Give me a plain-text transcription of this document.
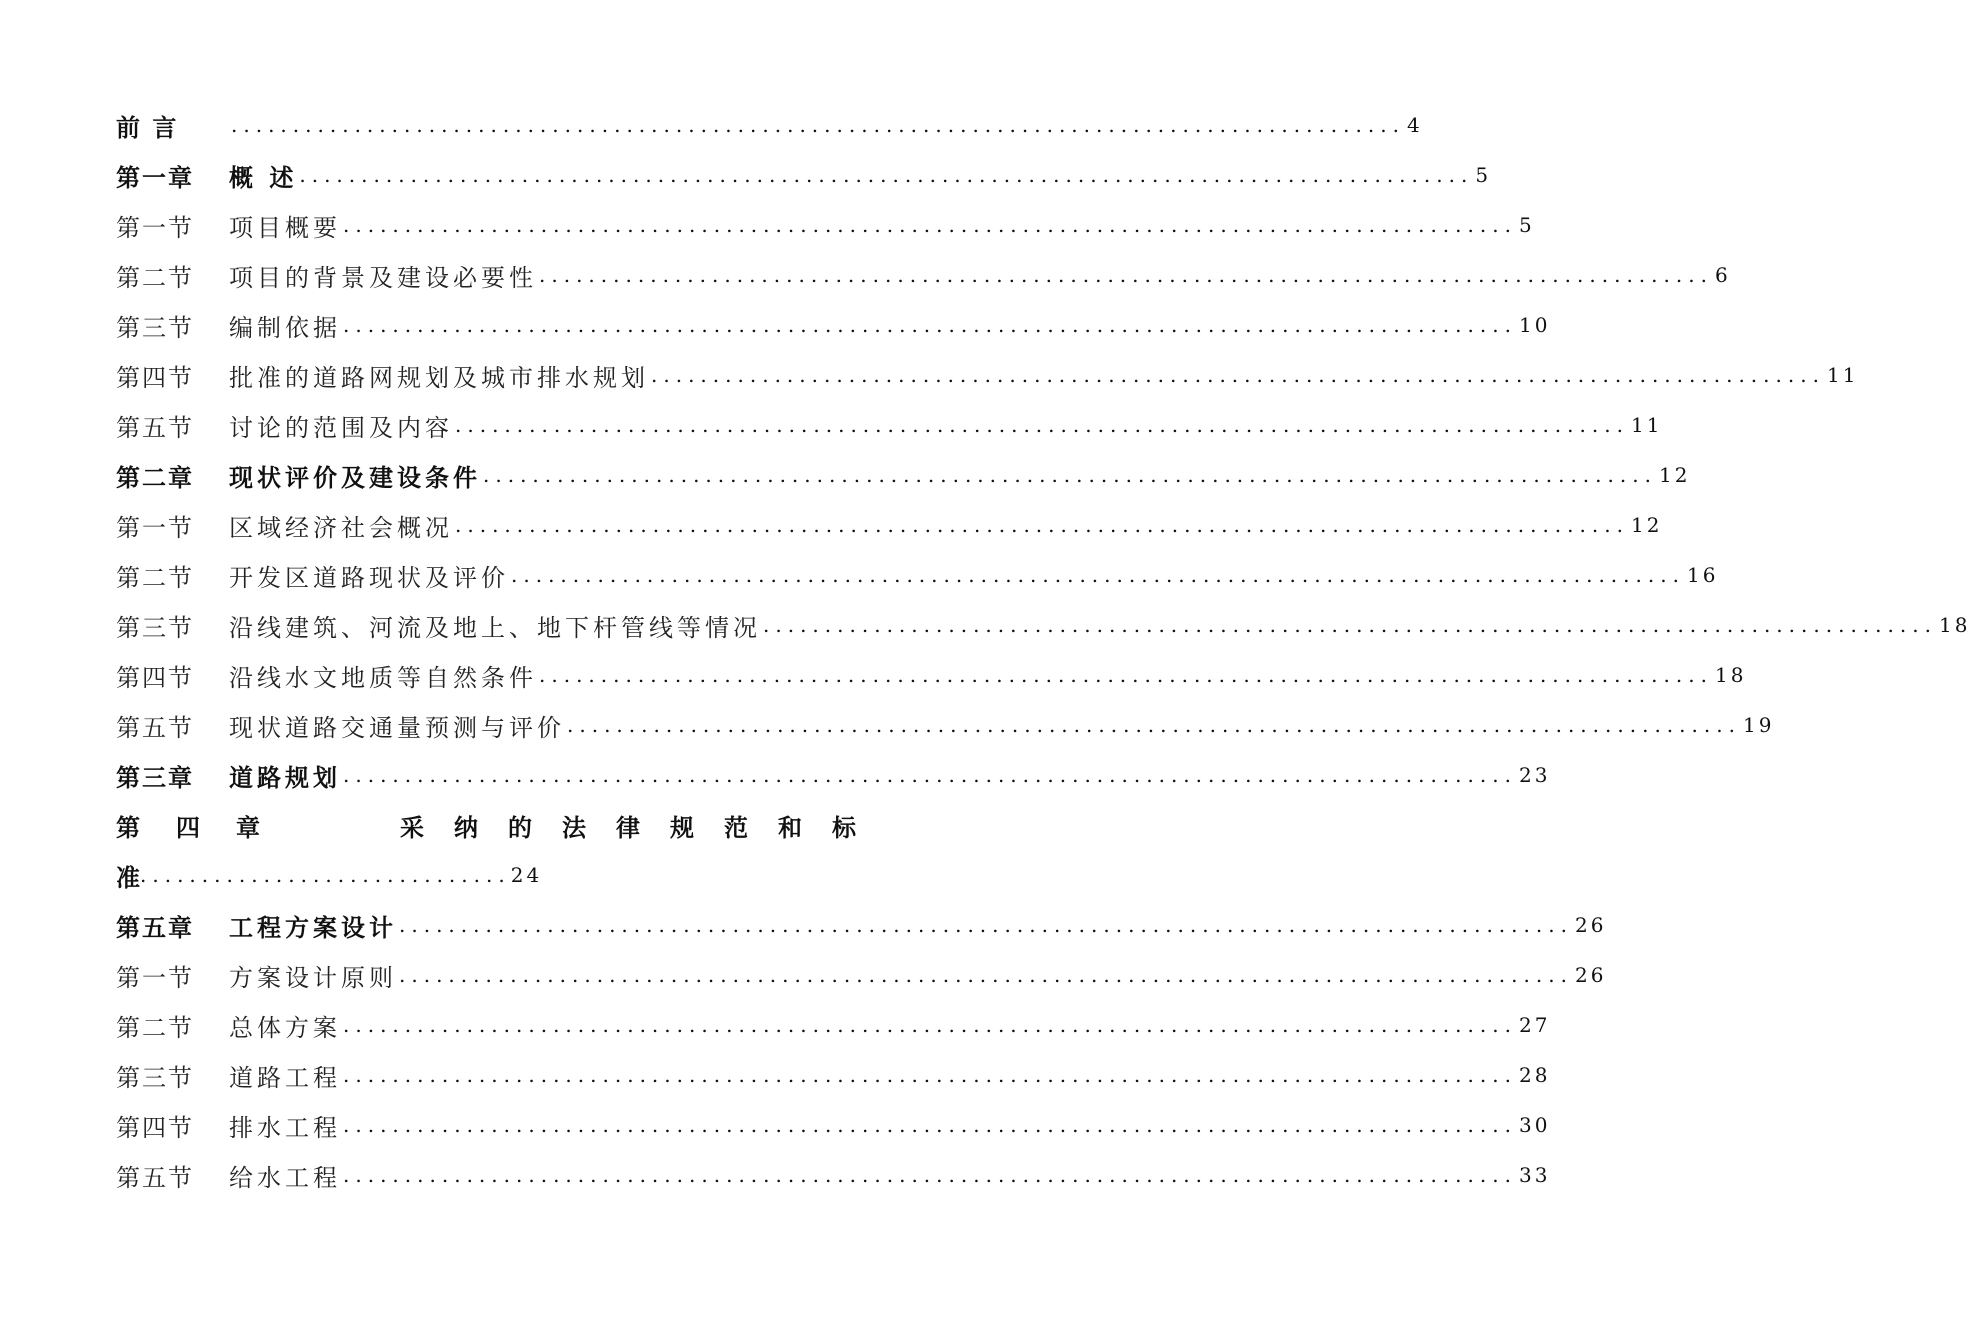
前 言	............................................................................................... 4
第一章	概 述 ............................................................................................... 5
第一节	项目概要 ............................................................................................... 5
第二节	项目的背景及建设必要性 ............................................................................................... 6
第三节	编制依据 ............................................................................................... 10
第四节	批准的道路网规划及城市排水规划 ............................................................................................... 11
第五节	讨论的范围及内容 ............................................................................................... 11
第二章	现状评价及建设条件 ............................................................................................... 12
第一节	区域经济社会概况 ............................................................................................... 12
第二节	开发区道路现状及评价 ............................................................................................... 16
第三节	沿线建筑、河流及地上、地下杆管线等情况 ............................................................................................... 18
第四节	沿线水文地质等自然条件 ............................................................................................... 18
第五节	现状道路交通量预测与评价 ............................................................................................... 19
第三章	道路规划 ............................................................................................... 23
第 四 章	采 纳 的 法 律 规 范 和 标
准 .............................. 24
第五章	工程方案设计 ............................................................................................... 26
第一节	方案设计原则 ............................................................................................... 26
第二节	总体方案 ............................................................................................... 27
第三节	道路工程 ............................................................................................... 28
第四节	排水工程 ............................................................................................... 30
第五节	给水工程 ............................................................................................... 33
